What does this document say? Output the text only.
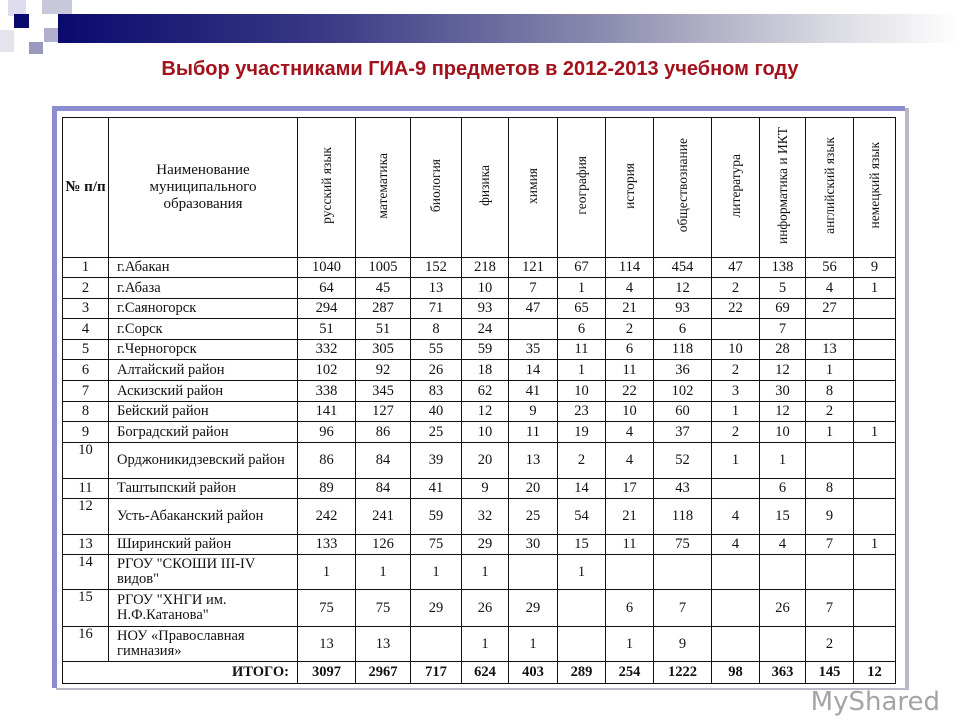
Выбор участниками ГИА-9 предметов в 2012-2013 учебном году
№ п/п	Наименование муниципального образования	русский язык	математика	биология	физика	химия	география	история	обществознание	литература	информатика и ИКТ	английский язык	немецкий язык
1	г.Абакан	1040	1005	152	218	121	67	114	454	47	138	56	9
2	г.Абаза	64	45	13	10	7	1	4	12	2	5	4	1
3	г.Саяногорск	294	287	71	93	47	65	21	93	22	69	27	
4	г.Сорск	51	51	8	24		6	2	6		7		
5	г.Черногорск	332	305	55	59	35	11	6	118	10	28	13	
6	Алтайский район	102	92	26	18	14	1	11	36	2	12	1	
7	Аскизский район	338	345	83	62	41	10	22	102	3	30	8	
8	Бейский район	141	127	40	12	9	23	10	60	1	12	2	
9	Боградский район	96	86	25	10	11	19	4	37	2	10	1	1
10	Орджоникидзевский район	86	84	39	20	13	2	4	52	1	1		
11	Таштыпский район	89	84	41	9	20	14	17	43		6	8	
12	Усть-Абаканский район	242	241	59	32	25	54	21	118	4	15	9	
13	Ширинский район	133	126	75	29	30	15	11	75	4	4	7	1
14	РГОУ "СКОШИ III-IV видов"	1	1	1	1		1						
15	РГОУ "ХНГИ им. Н.Ф.Катанова"	75	75	29	26	29		6	7		26	7	
16	НОУ «Православная гимназия»	13	13		1	1		1	9			2	
ИТОГО:		3097	2967	717	624	403	289	254	1222	98	363	145	12
MyShared
